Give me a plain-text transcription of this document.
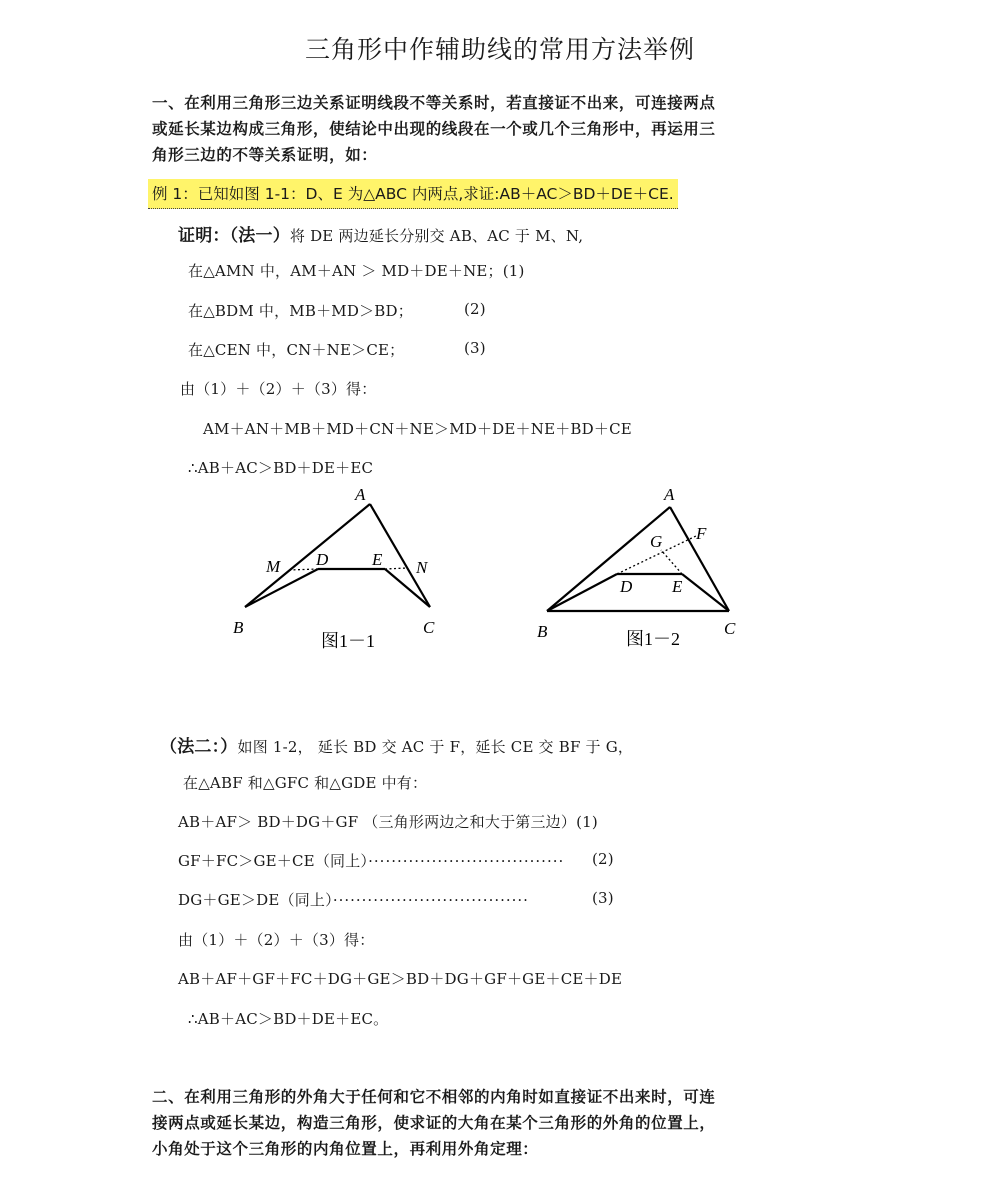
三角形中作辅助线的常用方法举例
一、在利用三角形三边关系证明线段不等关系时，若直接证不出来，可连接两点
或延长某边构成三角形，使结论中出现的线段在一个或几个三角形中，再运用三
角形三边的不等关系证明，如：
例 1：已知如图 1-1：D、E 为△ABC 内两点,求证:AB＋AC＞BD＋DE＋CE.
证明：（法一）将 DE 两边延长分别交 AB、AC 于 M、N,
在△AMN 中，AM＋AN ＞ MD＋DE＋NE；(1)
在△BDM 中，MB＋MD＞BD；	(2)
在△CEN 中，CN＋NE＞CE；	(3)
由（1）＋（2）＋（3）得：
AM＋AN＋MB＋MD＋CN＋NE＞MD＋DE＋NE＋BD＋CE
∴AB＋AC＞BD＋DE＋EC
A
B	C
D	E
M	N
图1－1
A
B	C
D E
F
G
图1－2
（法二：）如图 1-2， 延长 BD 交 AC 于 F，延长 CE 交 BF 于 G，
在△ABF 和△GFC 和△GDE 中有：
AB＋AF＞ BD＋DG＋GF （三角形两边之和大于第三边）(1)
GF＋FC＞GE＋CE（同上）·································· (2)
DG＋GE＞DE（同上）··································	(3)
由（1）＋（2）＋（3）得：
AB＋AF＋GF＋FC＋DG＋GE＞BD＋DG＋GF＋GE＋CE＋DE
∴AB＋AC＞BD＋DE＋EC。
二、在利用三角形的外角大于任何和它不相邻的内角时如直接证不出来时，可连
接两点或延长某边，构造三角形，使求证的大角在某个三角形的外角的位置上，
小角处于这个三角形的内角位置上，再利用外角定理：
